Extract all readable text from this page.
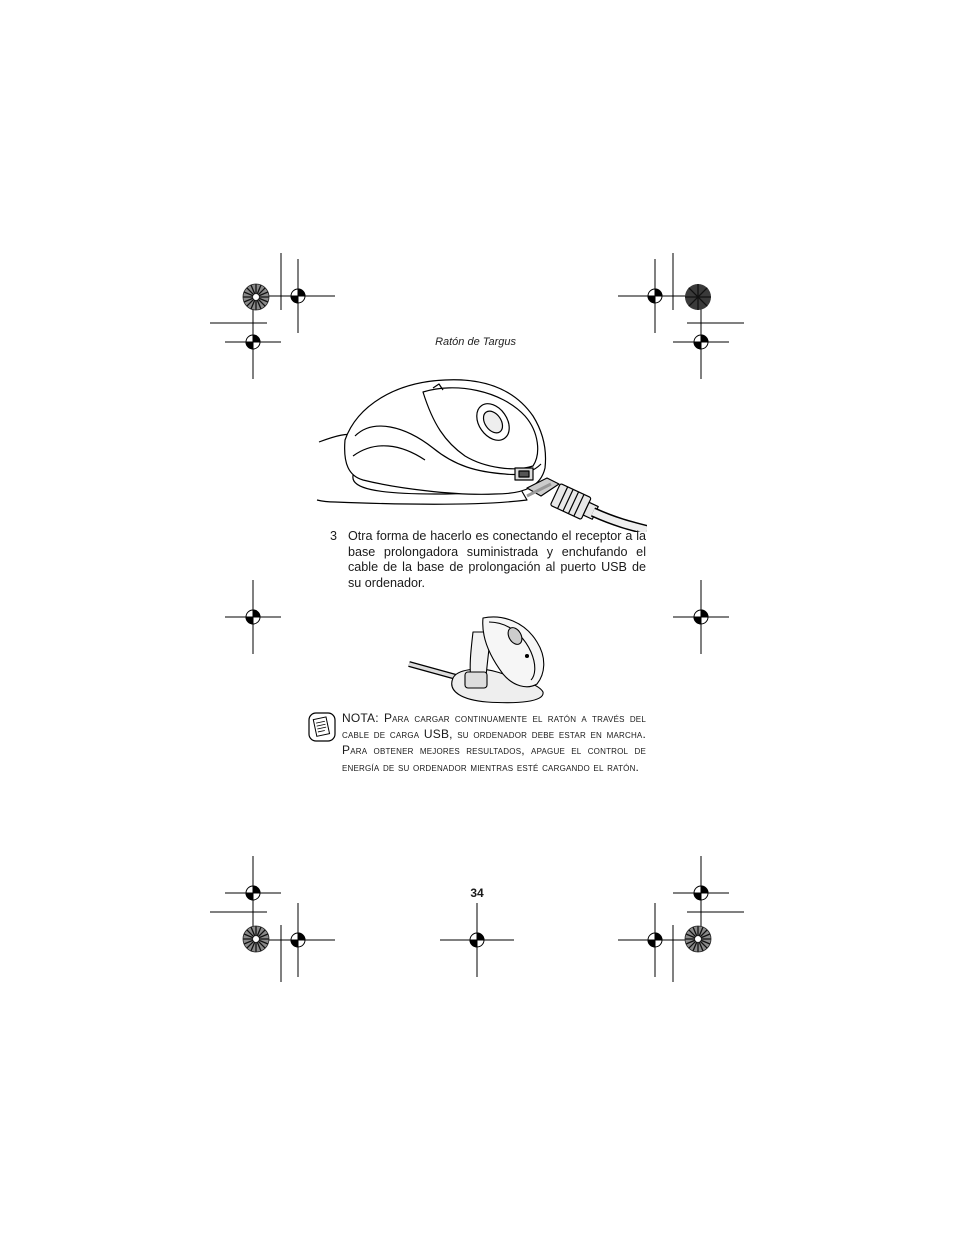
Ratón de Targus
3 Otra forma de hacerlo es conectando el receptor a la base prolongadora suministrada y enchufando el cable de la base de prolongación al puerto USB de su ordenador.
NOTA: Para cargar continuamente el ratón a través del cable de carga USB, su ordenador debe estar en marcha. Para obtener mejores resultados, apague el control de energía de su ordenador mientras esté cargando el ratón.
34
